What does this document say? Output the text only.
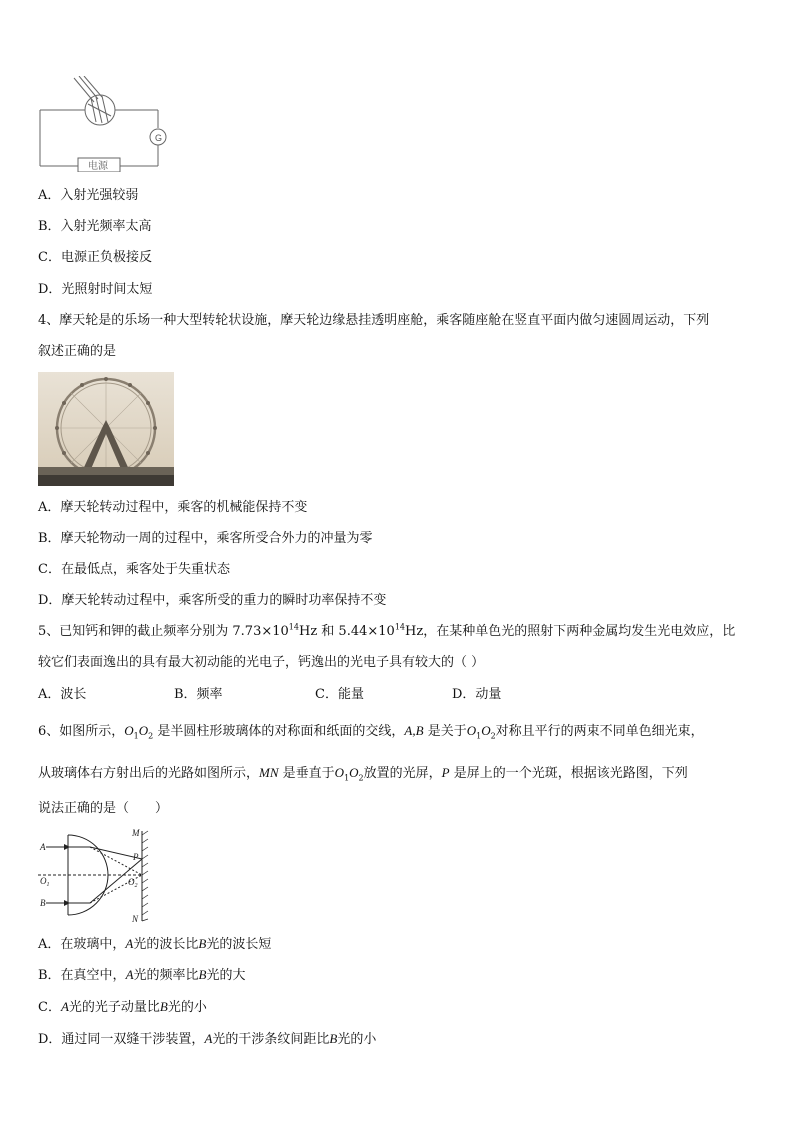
G
电源
A．入射光强较弱
B．入射光频率太高
C．电源正负极接反
D．光照射时间太短
4、摩天轮是的乐场一种大型转轮状设施，摩天轮边缘悬挂透明座舱，乘客随座舱在竖直平面内做匀速圆周运动，下列
叙述正确的是
A．摩天轮转动过程中，乘客的机械能保持不变
B．摩天轮物动一周的过程中，乘客所受合外力的冲量为零
C．在最低点，乘客处于失重状态
D．摩天轮转动过程中，乘客所受的重力的瞬时功率保持不变
5、已知钙和钾的截止频率分别为 $7.73\times 10^{14}Hz$ 和 $5.44\times 10^{14}Hz$，在某种单色光的照射下两种金属均发生光电效应，比
较它们表面逸出的具有最大初动能的光电子，钙逸出的光电子具有较大的（ ）
A．波长	B．频率	C．能量	D．动量
6、如图所示，$O_1O_2$ 是半圆柱形玻璃体的对称面和纸面的交线，A,B 是关于$O_1O_2$对称且平行的两束不同单色细光束，
从玻璃体右方射出后的光路如图所示，MN 是垂直于$O_1O_2$放置的光屏，P 是屏上的一个光斑，根据该光路图，下列
说法正确的是（　　）
M
N
P
A
B
$O_1$	$O_2$
A．在玻璃中，A光的波长比B光的波长短
B．在真空中，A光的频率比B光的大
C．A光的光子动量比B光的小
D．通过同一双缝干涉装置，A光的干涉条纹间距比B光的小
